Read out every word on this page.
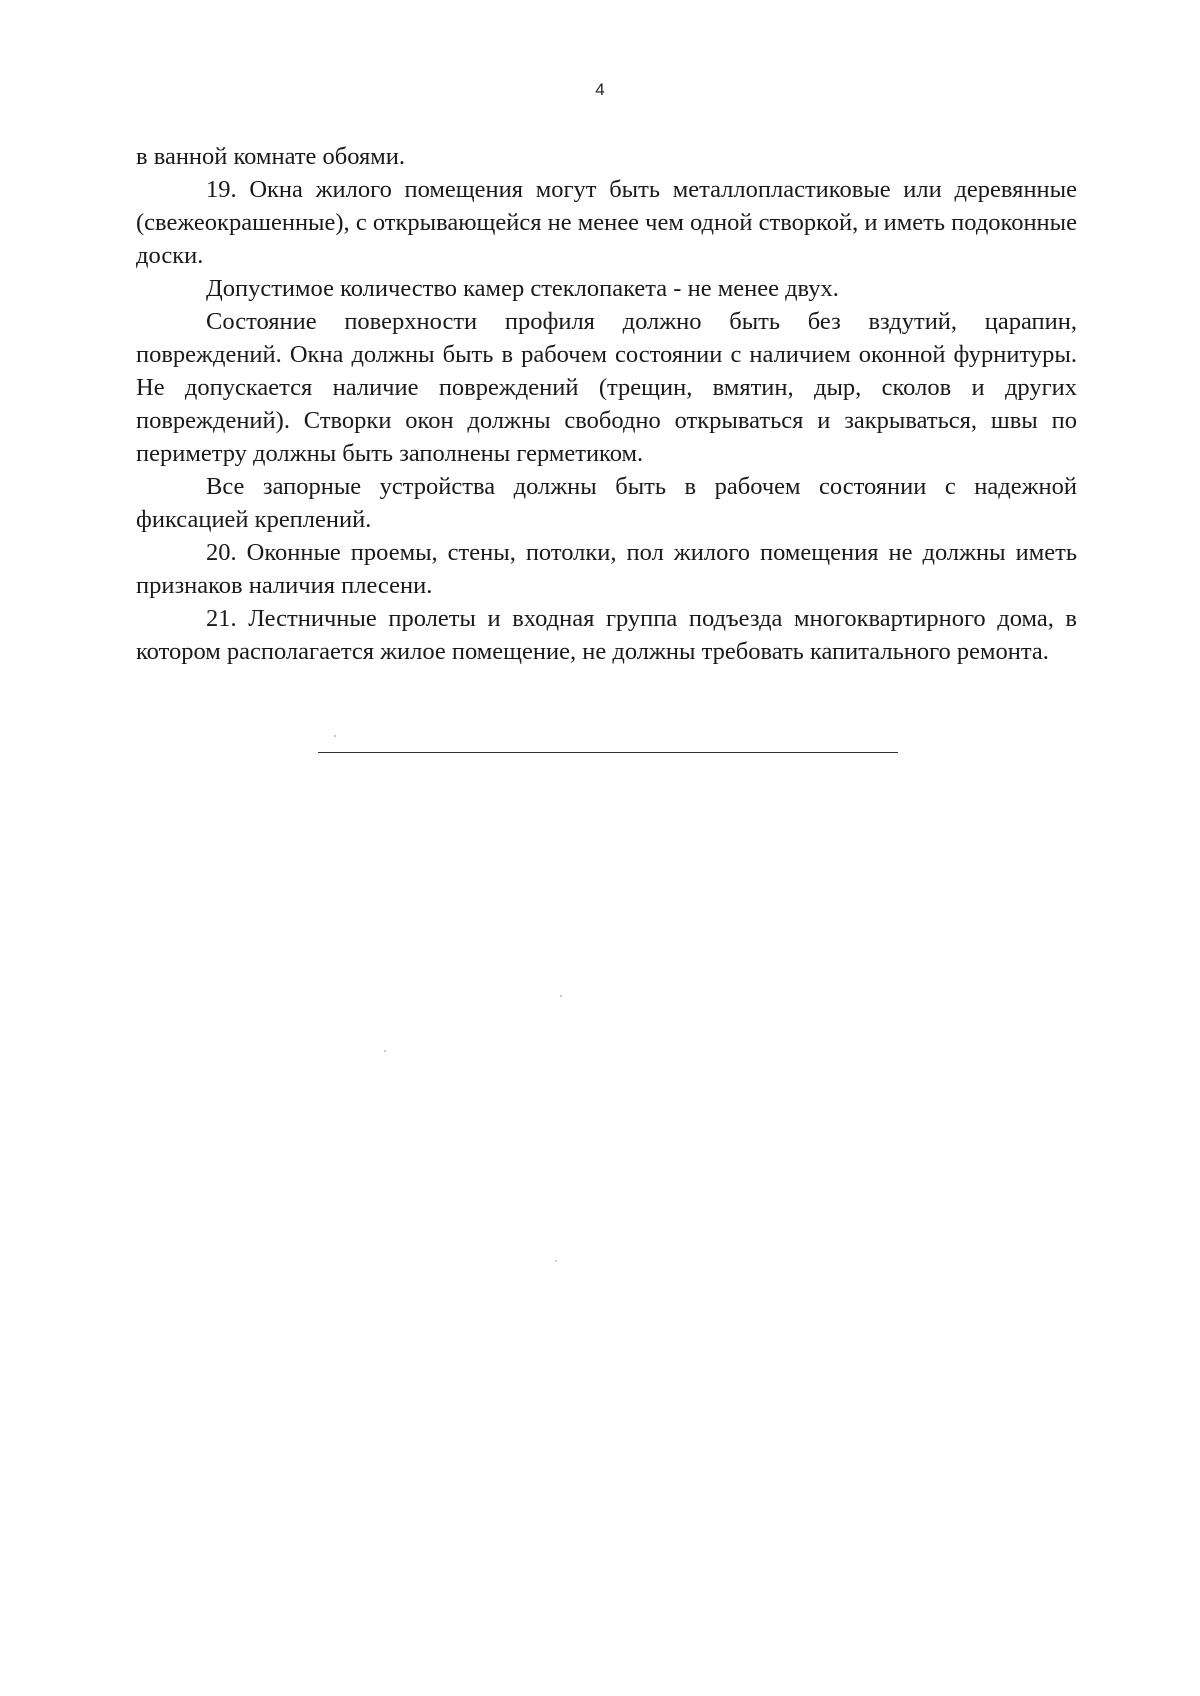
4

в ванной комнате обоями.

19. Окна жилого помещения могут быть металлопластиковые или деревянные (свежеокрашенные), с открывающейся не менее чем одной створкой, и иметь подоконные доски.

Допустимое количество камер стеклопакета - не менее двух.

Состояние поверхности профиля должно быть без вздутий, царапин, повреждений. Окна должны быть в рабочем состоянии с наличием оконной фурнитуры. Не допускается наличие повреждений (трещин, вмятин, дыр, сколов и других повреждений). Створки окон должны свободно открываться и закрываться, швы по периметру должны быть заполнены герметиком.

Все запорные устройства должны быть в рабочем состоянии с надежной фиксацией креплений.

20. Оконные проемы, стены, потолки, пол жилого помещения не должны иметь признаков наличия плесени.

21. Лестничные пролеты и входная группа подъезда многоквартирного дома, в котором располагается жилое помещение, не должны требовать капитального ремонта.
